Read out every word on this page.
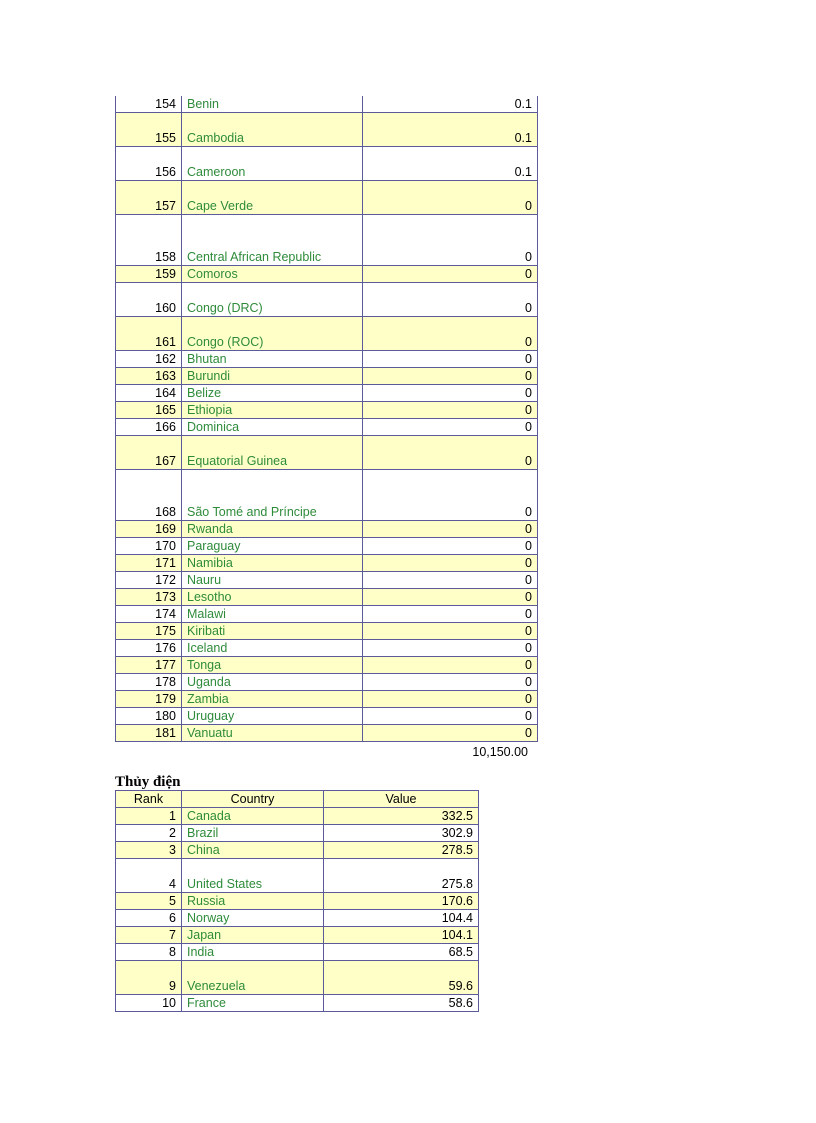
154	Benin	0.1
155	Cambodia	0.1
156	Cameroon	0.1
157	Cape Verde	0
158	Central African Republic	0
159	Comoros	0
160	Congo (DRC)	0
161	Congo (ROC)	0
162	Bhutan	0
163	Burundi	0
164	Belize	0
165	Ethiopia	0
166	Dominica	0
167	Equatorial Guinea	0
168	São Tomé and Príncipe	0
169	Rwanda	0
170	Paraguay	0
171	Namibia	0
172	Nauru	0
173	Lesotho	0
174	Malawi	0
175	Kiribati	0
176	Iceland	0
177	Tonga	0
178	Uganda	0
179	Zambia	0
180	Uruguay	0
181	Vanuatu	0
10,150.00
Thủy điện
Rank	Country	Value
1	Canada	332.5
2	Brazil	302.9
3	China	278.5
4	United States	275.8
5	Russia	170.6
6	Norway	104.4
7	Japan	104.1
8	India	68.5
9	Venezuela	59.6
10	France	58.6
